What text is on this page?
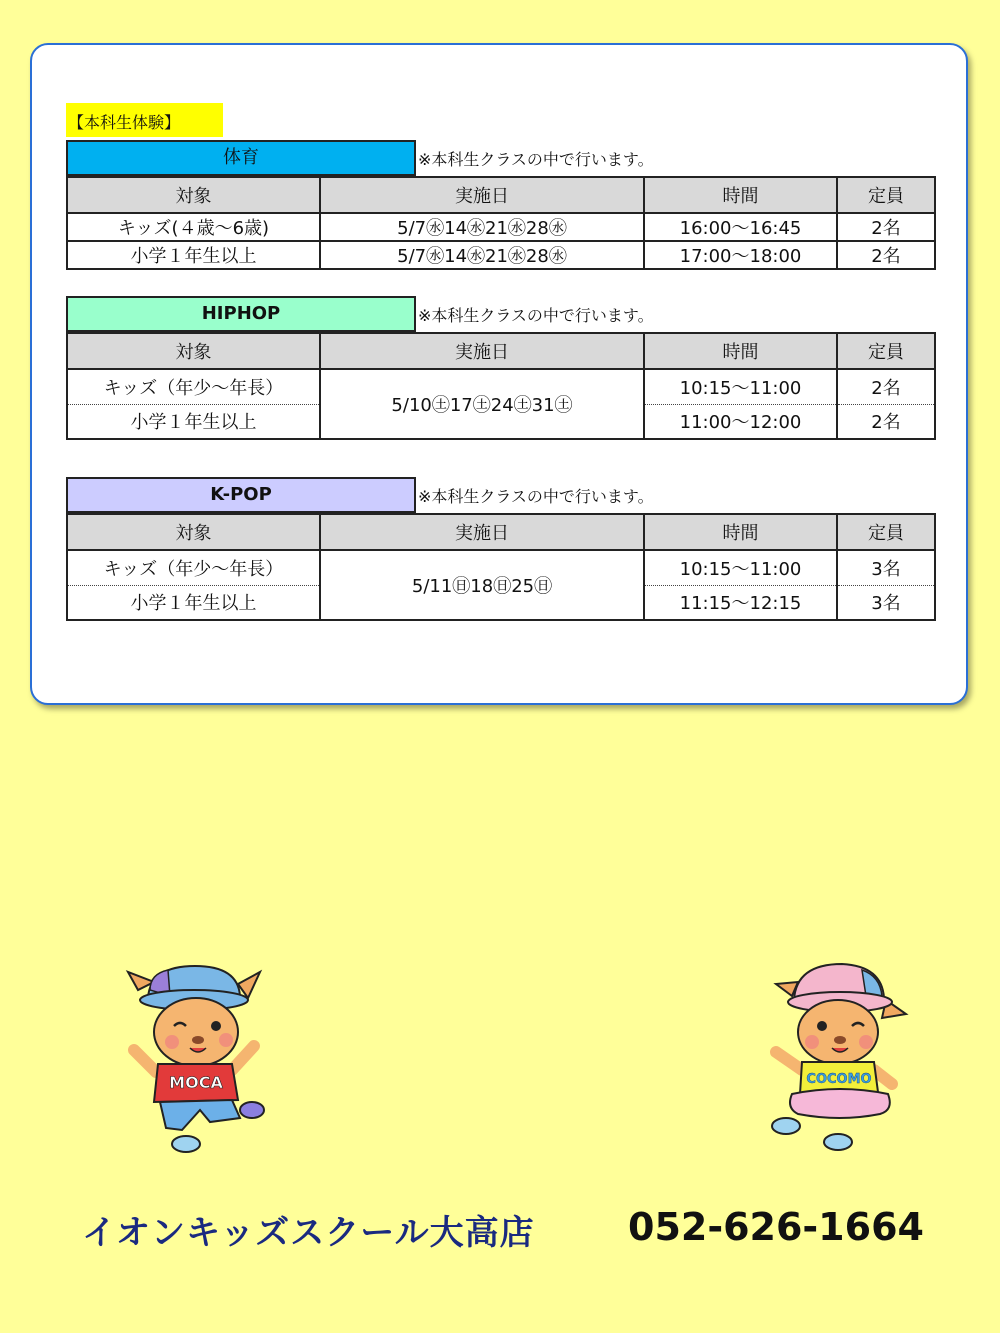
【本科生体験】
体育	※本科生クラスの中で行います。
対象	実施日	時間	定員
キッズ(４歳～6歳)	5/7㊌14㊌21㊌28㊌	16:00～16:45	2名
小学１年生以上	5/7㊌14㊌21㊌28㊌	17:00～18:00	2名
HIPHOP	※本科生クラスの中で行います。
対象	実施日	時間	定員
キッズ（年少～年長）	5/10㊏17㊏24㊏31㊏	10:15～11:00	2名
小学１年生以上		11:00～12:00	2名
K-POP	※本科生クラスの中で行います。
対象	実施日	時間	定員
キッズ（年少～年長）	5/11㊐18㊐25㊐	10:15～11:00	3名
小学１年生以上		11:15～12:15	3名
MOCA	COCOMO
イオンキッズスクール大高店 052-626-1664
